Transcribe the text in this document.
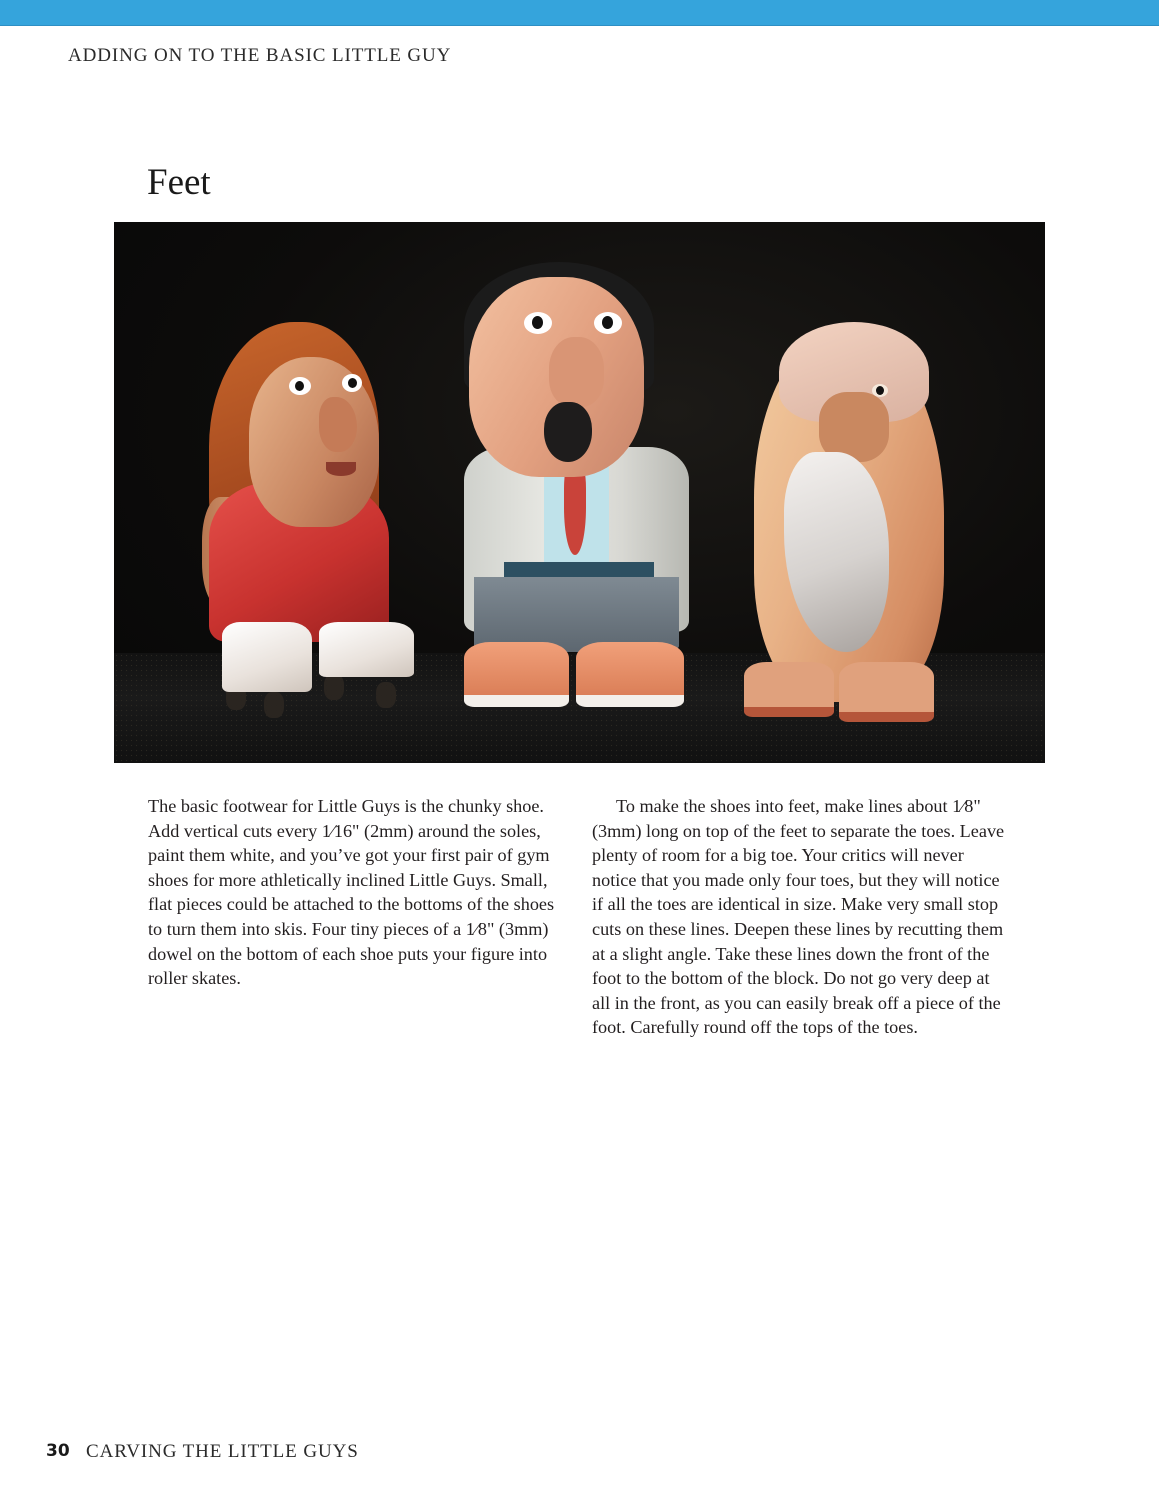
ADDING ON TO THE BASIC LITTLE GUY
Feet

The basic footwear for Little Guys is the chunky shoe. Add vertical cuts every 1⁄16" (2mm) around the soles, paint them white, and you’ve got your first pair of gym shoes for more athletically inclined Little Guys. Small, flat pieces could be attached to the bottoms of the shoes to turn them into skis. Four tiny pieces of a 1⁄8" (3mm) dowel on the bottom of each shoe puts your figure into roller skates.

To make the shoes into feet, make lines about 1⁄8" (3mm) long on top of the feet to separate the toes. Leave plenty of room for a big toe. Your critics will never notice that you made only four toes, but they will notice if all the toes are identical in size. Make very small stop cuts on these lines. Deepen these lines by recutting them at a slight angle. Take these lines down the front of the foot to the bottom of the block. Do not go very deep at all in the front, as you can easily break off a piece of the foot. Carefully round off the tops of the toes.

30 CARVING THE LITTLE GUYS
